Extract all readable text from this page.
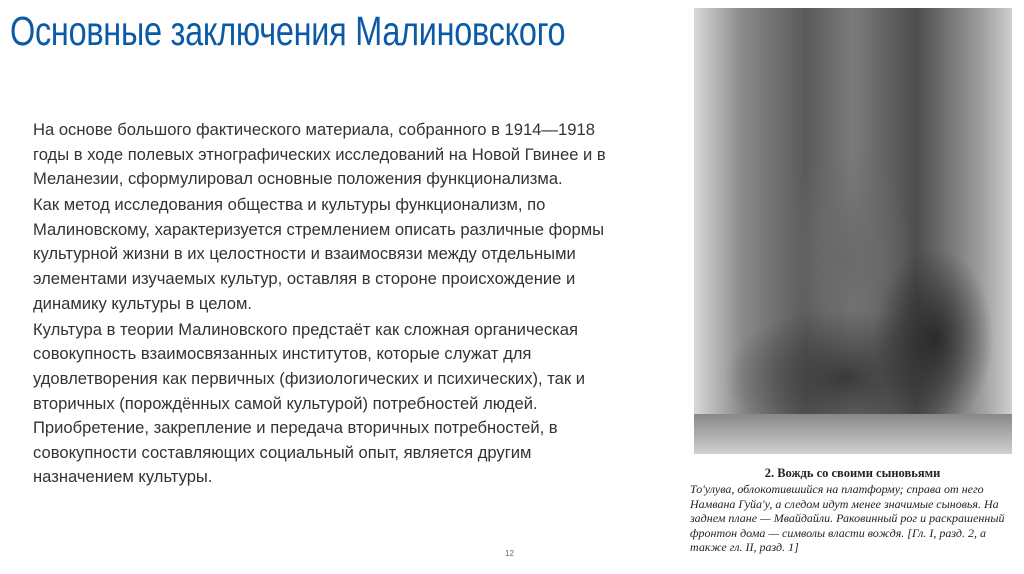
Основные заключения Малиновского

На основе большого фактического материала, собранного в 1914—1918 годы в ходе полевых этнографических исследований на Новой Гвинее и в Меланезии, сформулировал основные положения функционализма.

Как метод исследования общества и культуры функционализм, по Малиновскому, характеризуется стремлением описать различные формы культурной жизни в их целостности и взаимосвязи между отдельными элементами изучаемых культур, оставляя в стороне происхождение и динамику культуры в целом.

Культура в теории Малиновского предстаёт как сложная органическая совокупность взаимосвязанных институтов, которые служат для удовлетворения как первичных (физиологических и психических), так и вторичных (порождённых самой культурой) потребностей людей. Приобретение, закрепление и передача вторичных потребностей, в совокупности составляющих социальный опыт, является другим назначением культуры.	2. Вождь со своими сыновьями
То'улува, облокотившийся на платформу; справа от него Намвана Гуйа'у, а следом идут менее значимые сыновья. На заднем плане — Мвайдайли. Раковинный рог и раскрашенный фронтон дома — символы власти вождя. [Гл. I, разд. 2, а также гл. II, разд. 1]
12
